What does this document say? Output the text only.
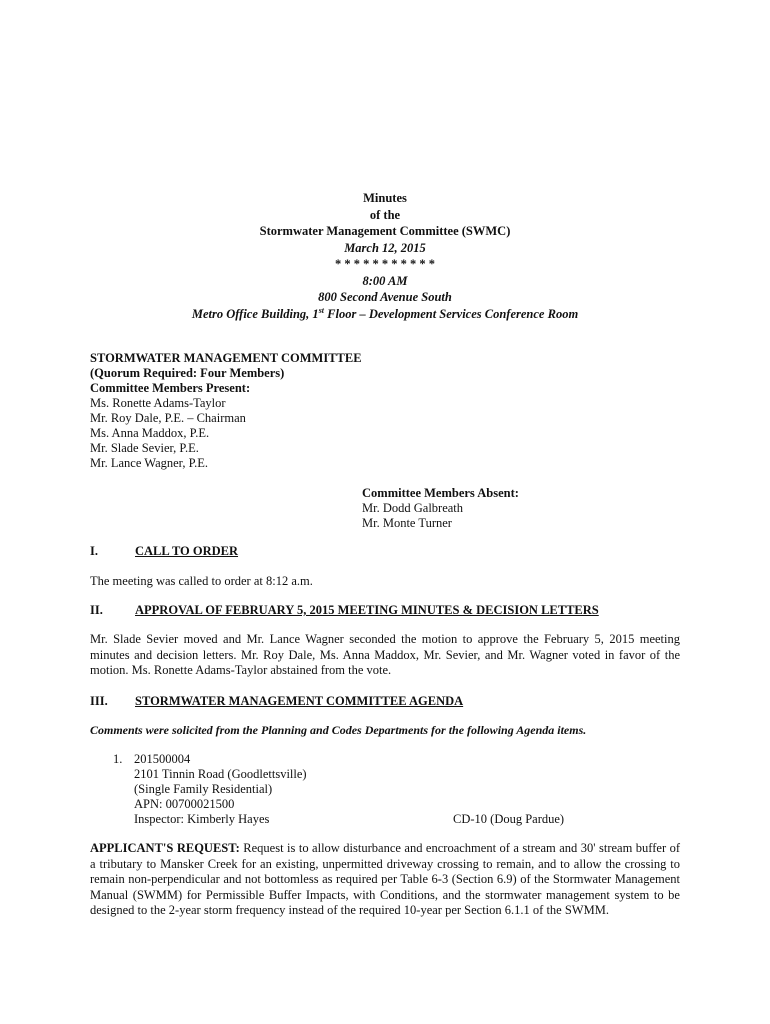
Minutes
of the
Stormwater Management Committee (SWMC)
March 12, 2015
* * * * * * * * * * *
8:00 AM
800 Second Avenue South
Metro Office Building, 1st Floor – Development Services Conference Room
STORMWATER MANAGEMENT COMMITTEE
(Quorum Required: Four Members)
Committee Members Present:
Ms. Ronette Adams-Taylor
Mr. Roy Dale, P.E. – Chairman
Ms. Anna Maddox, P.E.
Mr. Slade Sevier, P.E.
Mr. Lance Wagner, P.E.
Committee Members Absent:
Mr. Dodd Galbreath
Mr. Monte Turner
I.	CALL TO ORDER
The meeting was called to order at 8:12 a.m.
II.	APPROVAL OF FEBRUARY 5, 2015 MEETING MINUTES & DECISION LETTERS
Mr. Slade Sevier moved and Mr. Lance Wagner seconded the motion to approve the February 5, 2015 meeting minutes and decision letters. Mr. Roy Dale, Ms. Anna Maddox, Mr. Sevier, and Mr. Wagner voted in favor of the motion. Ms. Ronette Adams-Taylor abstained from the vote.
III. STORMWATER MANAGEMENT COMMITTEE AGENDA
Comments were solicited from the Planning and Codes Departments for the following Agenda items.
1. 201500004
2101 Tinnin Road (Goodlettsville)
(Single Family Residential)
APN: 00700021500
Inspector: Kimberly Hayes	CD-10 (Doug Pardue)
APPLICANT'S REQUEST: Request is to allow disturbance and encroachment of a stream and 30' stream buffer of a tributary to Mansker Creek for an existing, unpermitted driveway crossing to remain, and to allow the crossing to remain non-perpendicular and not bottomless as required per Table 6-3 (Section 6.9) of the Stormwater Management Manual (SWMM) for Permissible Buffer Impacts, with Conditions, and the stormwater management system to be designed to the 2-year storm frequency instead of the required 10-year per Section 6.1.1 of the SWMM.
